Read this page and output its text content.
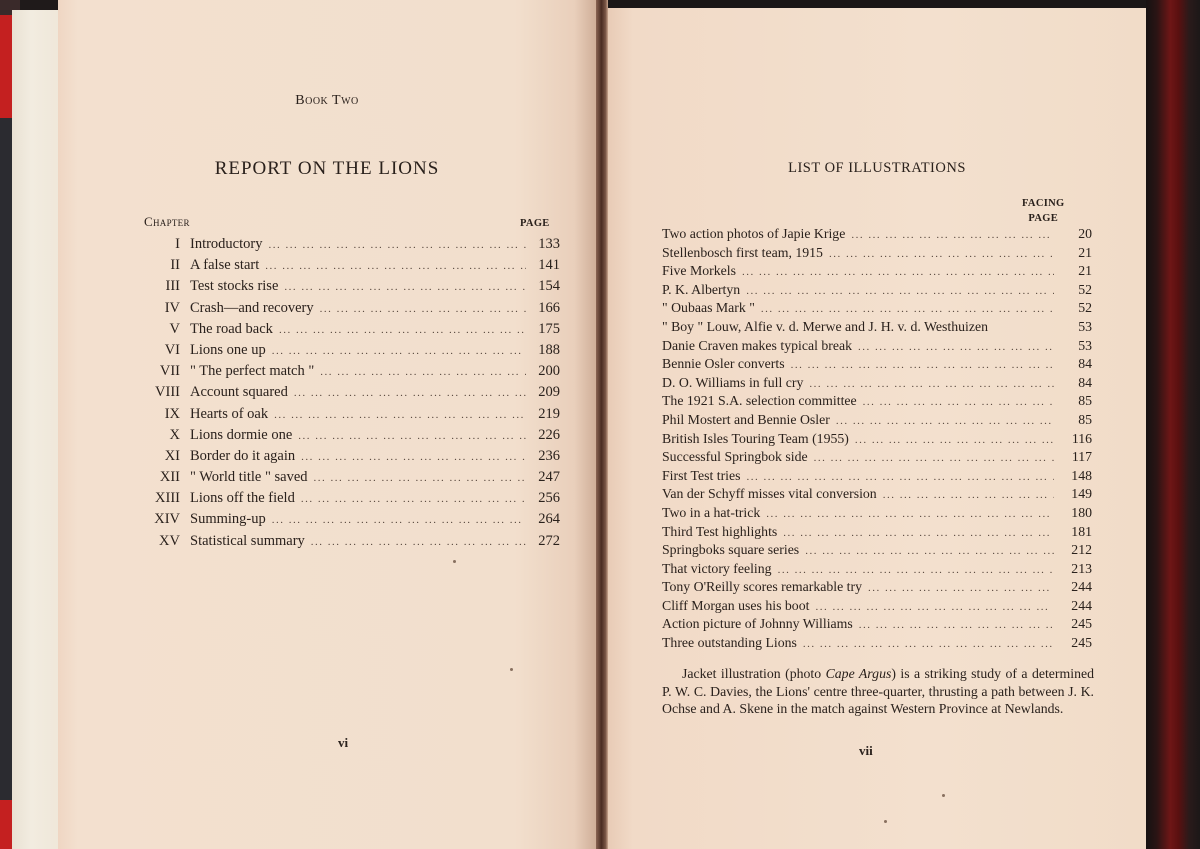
Book Two
REPORT ON THE LIONS
Chapter	PAGE
I Introductory ... .	133
II A false start ... .	141
III Test stocks rise ... .	154
IV Crash—and recovery ... .	166
V The road back ... .	175
VI Lions one up ... .	188
VII " The perfect match " ... .	200
VIII Account squared ... .	209
IX Hearts of oak ... .	219
X Lions dormie one ... .	226
XI Border do it again ... .	236
XII " World title " saved ... .	247
XIII Lions off the field ... .	256
XIV Summing-up ... .	264
XV Statistical summary ... .	272
vi
LIST OF ILLUSTRATIONS
FACING
PAGE
Two action photos of Japie Krige ... .	20
Stellenbosch first team, 1915 ... .	21
Five Morkels ... .	21
P. K. Albertyn ... .	52
" Oubaas Mark " ... .	52
" Boy " Louw, Alfie v. d. Merwe and J. H. v. d. Westhuizen	53
Danie Craven makes typical break ... .	53
Bennie Osler converts ... .	84
D. O. Williams in full cry ... .	84
The 1921 S.A. selection committee ... .	85
Phil Mostert and Bennie Osler ... .	85
British Isles Touring Team (1955) ... .	116
Successful Springbok side ... .	117
First Test tries ... .	148
Van der Schyff misses vital conversion ... .	149
Two in a hat-trick ... .	180
Third Test highlights ... .	181
Springboks square series ... .	212
That victory feeling ... .	213
Tony O'Reilly scores remarkable try ... .	244
Cliff Morgan uses his boot ... .	244
Action picture of Johnny Williams ... .	245
Three outstanding Lions ... .	245
Jacket illustration (photo Cape Argus) is a striking study of a determined P. W. C. Davies, the Lions' centre three-quarter, thrusting a path between J. K. Ochse and A. Skene in the match against Western Province at Newlands.
vii
